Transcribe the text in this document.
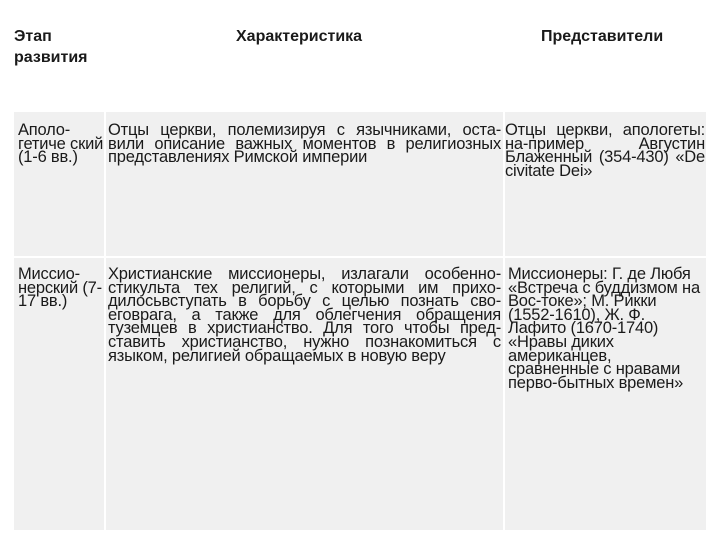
Этап развития
Характеристика	Представители
Аполо-гетиче ский (1-6 вв.)
Отцы церкви, полемизируя с язычниками, оста-вили описание важных моментов в религиозных представлениях Римской империи
Отцы церкви, апологеты: на-пример Августин Блаженный (354-430) «De civitate Dei»
Миссио-нерский (7-17 вв.)
Христианские миссионеры, излагали особенно-стикульта тех религий, с которыми им прихо-дилосьвступать в борьбу с целью познать сво-еговрага, а также для облегчения обращения туземцев в христианство. Для того чтобы пред-ставить христианство, нужно познакомиться с языком, религией обращаемых в новую веру
Миссионеры: Г. де Любя «Встреча с буддизмом на Вос-токе»; М. Рикки (1552-1610), Ж. Ф. Лафито (1670-1740) «Нравы диких американцев, сравненные с нравами перво-бытных времен»
